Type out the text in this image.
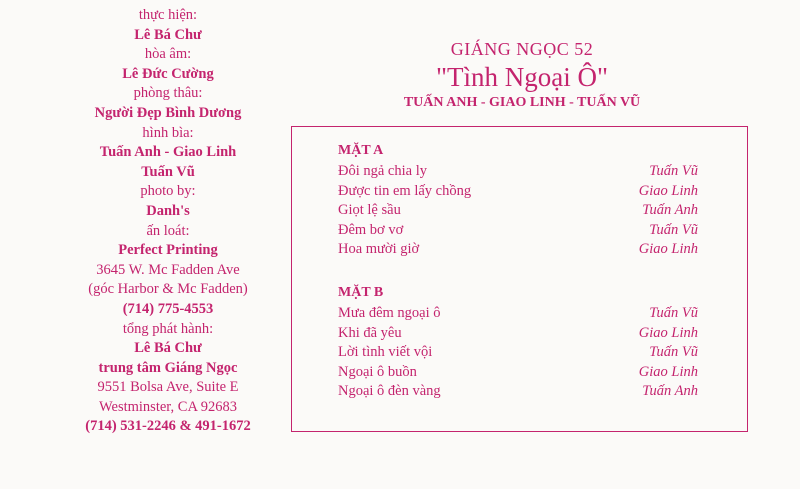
thực hiện:
Lê Bá Chư
hòa âm:
Lê Đức Cường
phòng thâu:
Người Đẹp Bình Dương
hình bìa:
Tuấn Anh - Giao Linh
Tuấn Vũ
photo by:
Danh's
ấn loát:
Perfect Printing
3645 W. Mc Fadden Ave
(góc Harbor & Mc Fadden)
(714) 775-4553
tổng phát hành:
Lê Bá Chư
trung tâm Giáng Ngọc
9551 Bolsa Ave, Suite E
Westminster, CA 92683
(714) 531-2246 & 491-1672
GIÁNG NGỌC 52
"Tình Ngoại Ô"
TUẤN ANH - GIAO LINH - TUẤN VŨ
MẶT A
Đôi ngả chia ly	Tuấn Vũ
Được tin em lấy chồng	Giao Linh
Giọt lệ sầu	Tuấn Anh
Đêm bơ vơ	Tuấn Vũ
Hoa mười giờ	Giao Linh
MẶT B
Mưa đêm ngoại ô	Tuấn Vũ
Khi đã yêu	Giao Linh
Lời tình viết vội	Tuấn Vũ
Ngoại ô buồn	Giao Linh
Ngoại ô đèn vàng	Tuấn Anh
